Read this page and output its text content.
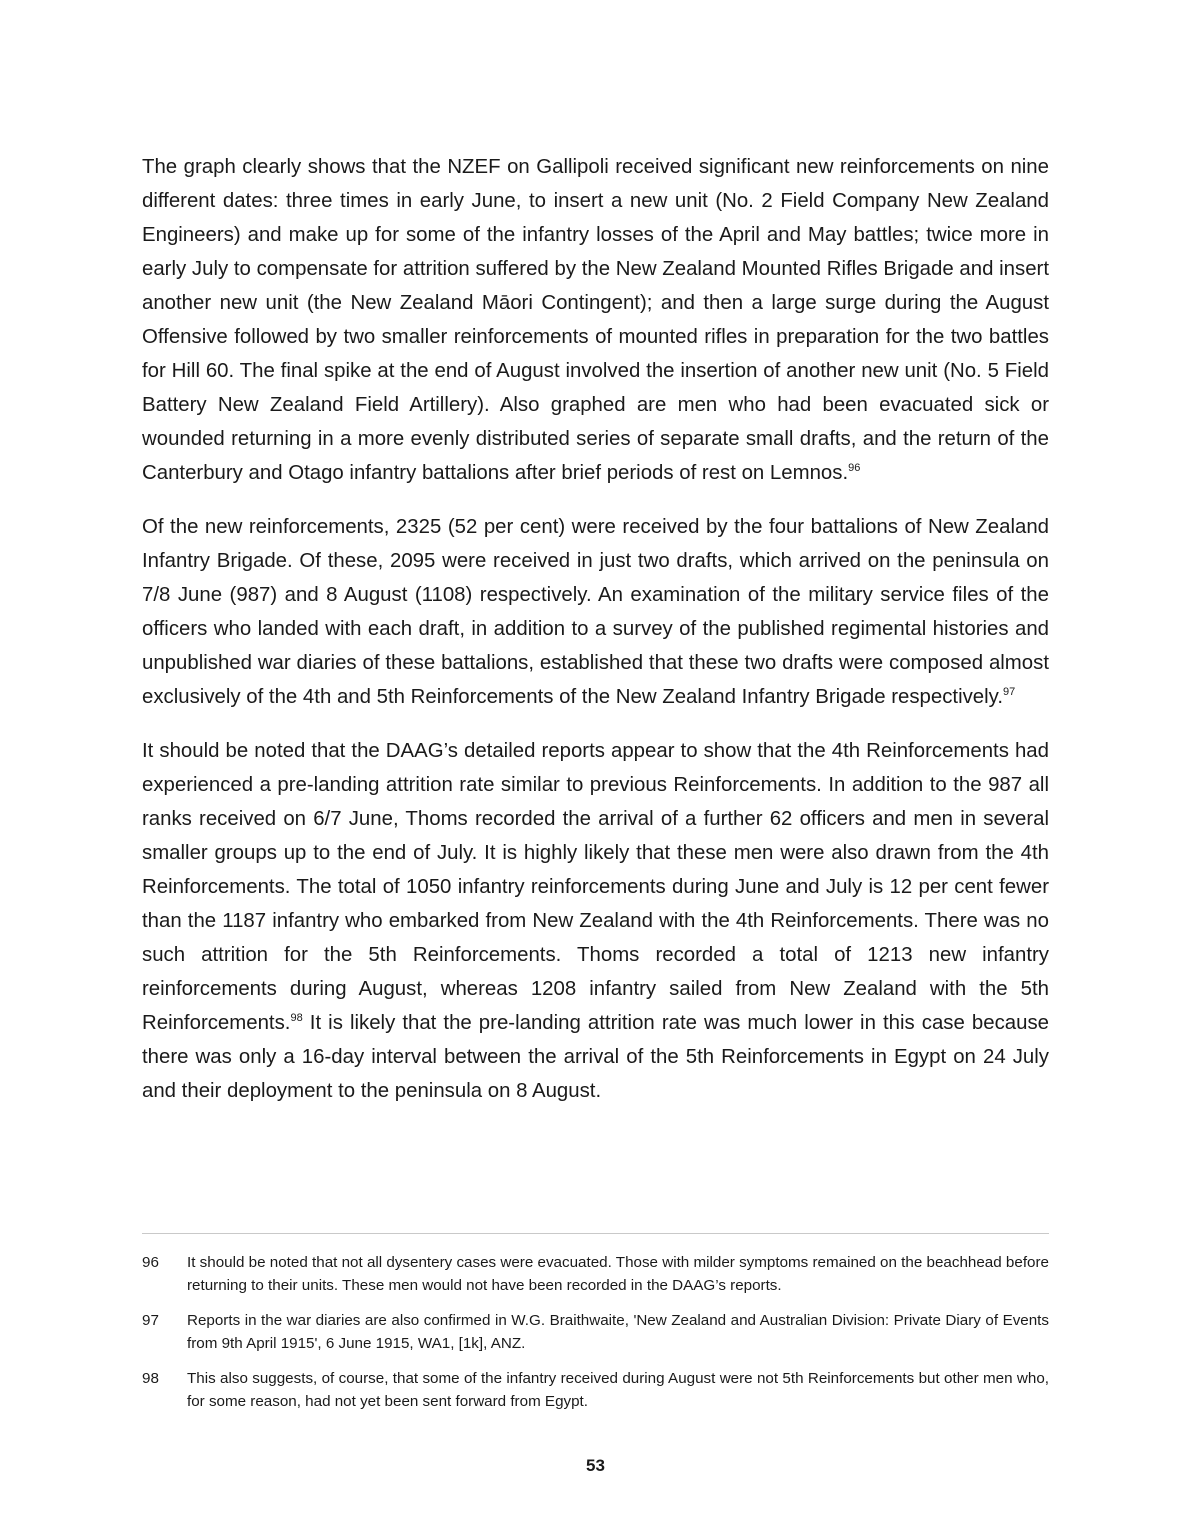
The graph clearly shows that the NZEF on Gallipoli received significant new reinforcements on nine different dates: three times in early June, to insert a new unit (No. 2 Field Company New Zealand Engineers) and make up for some of the infantry losses of the April and May battles; twice more in early July to compensate for attrition suffered by the New Zealand Mounted Rifles Brigade and insert another new unit (the New Zealand Māori Contingent); and then a large surge during the August Offensive followed by two smaller reinforcements of mounted rifles in preparation for the two battles for Hill 60. The final spike at the end of August involved the insertion of another new unit (No. 5 Field Battery New Zealand Field Artillery). Also graphed are men who had been evacuated sick or wounded returning in a more evenly distributed series of separate small drafts, and the return of the Canterbury and Otago infantry battalions after brief periods of rest on Lemnos.$^{96}$

Of the new reinforcements, 2325 (52 per cent) were received by the four battalions of New Zealand Infantry Brigade. Of these, 2095 were received in just two drafts, which arrived on the peninsula on 7/8 June (987) and 8 August (1108) respectively. An examination of the military service files of the officers who landed with each draft, in addition to a survey of the published regimental histories and unpublished war diaries of these battalions, established that these two drafts were composed almost exclusively of the 4th and 5th Reinforcements of the New Zealand Infantry Brigade respectively.$^{97}$

It should be noted that the DAAG’s detailed reports appear to show that the 4th Reinforcements had experienced a pre-landing attrition rate similar to previous Reinforcements. In addition to the 987 all ranks received on 6/7 June, Thoms recorded the arrival of a further 62 officers and men in several smaller groups up to the end of July. It is highly likely that these men were also drawn from the 4th Reinforcements. The total of 1050 infantry reinforcements during June and July is 12 per cent fewer than the 1187 infantry who embarked from New Zealand with the 4th Reinforcements. There was no such attrition for the 5th Reinforcements. Thoms recorded a total of 1213 new infantry reinforcements during August, whereas 1208 infantry sailed from New Zealand with the 5th Reinforcements.$^{98}$ It is likely that the pre-landing attrition rate was much lower in this case because there was only a 16-day interval between the arrival of the 5th Reinforcements in Egypt on 24 July and their deployment to the peninsula on 8 August.

96	It should be noted that not all dysentery cases were evacuated. Those with milder symptoms remained on the beachhead before returning to their units. These men would not have been recorded in the DAAG’s reports.
97	Reports in the war diaries are also confirmed in W.G. Braithwaite, 'New Zealand and Australian Division: Private Diary of Events from 9th April 1915', 6 June 1915, WA1, [1k], ANZ.
98	This also suggests, of course, that some of the infantry received during August were not 5th Reinforcements but other men who, for some reason, had not yet been sent forward from Egypt.
53
